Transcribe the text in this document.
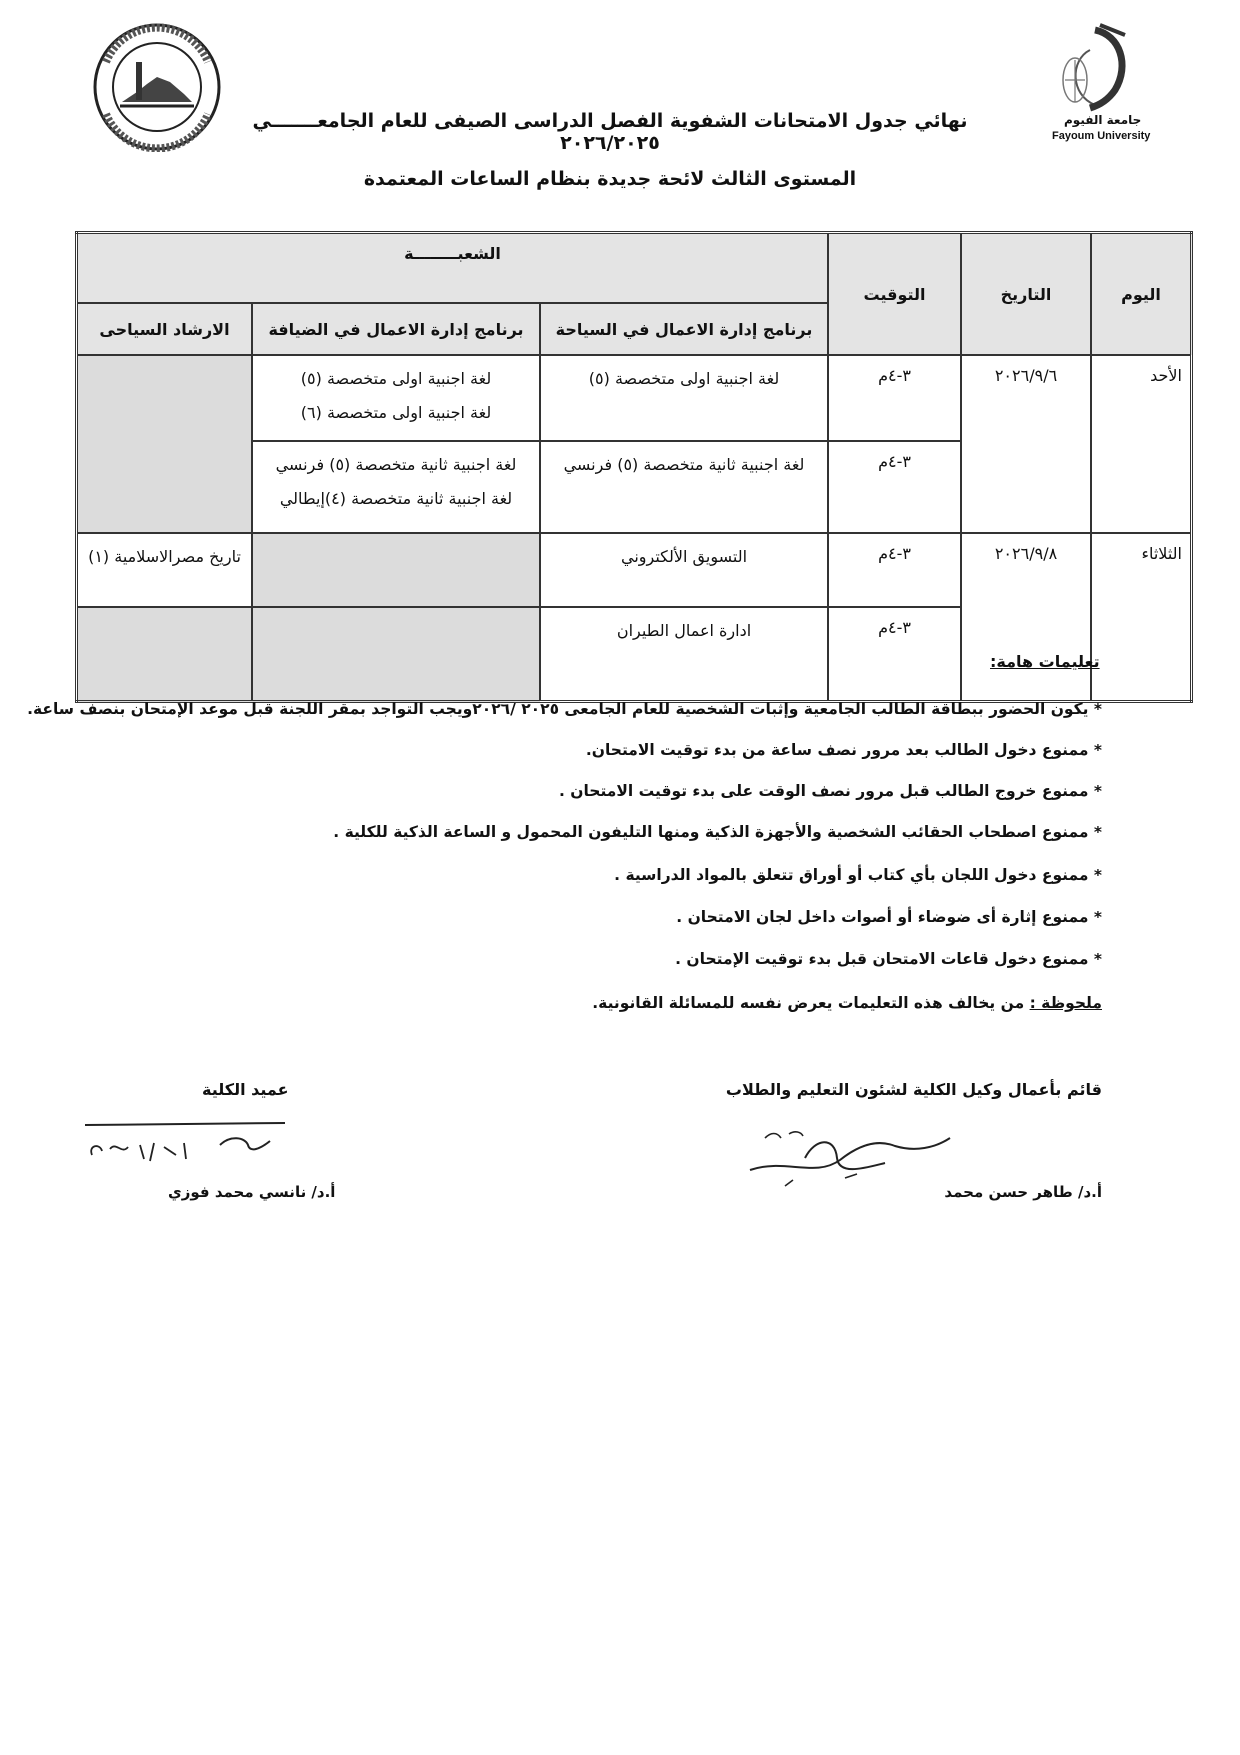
جامعة الفيوم
Fayoum University
نهائي جدول الامتحانات الشفوية الفصل الدراسى الصيفى للعام الجامعـــــــي ٢٠٢٦/٢٠٢٥
المستوى الثالث لائحة جديدة بنظام الساعات المعتمدة
اليوم	التاريخ	التوقيت	الشعبــــــــة		
			برنامج إدارة الاعمال في السياحة	برنامج إدارة الاعمال في الضيافة	الارشاد السياحى
الأحد	٢٠٢٦/٩/٦	٣-٤م	لغة اجنبية اولى متخصصة (٥)	لغة اجنبية اولى متخصصة (٥)
لغة اجنبية اولى متخصصة (٦)	

		٣-٤م	لغة اجنبية ثانية متخصصة (٥) فرنسي	لغة اجنبية ثانية متخصصة (٥) فرنسي
لغة اجنبية ثانية متخصصة (٤)إيطالي	

الثلاثاء	٢٠٢٦/٩/٨	٣-٤م	التسويق الألكتروني		تاريخ مصرالاسلامية (١)
		٣-٤م	ادارة اعمال الطيران		
تعليمات هامة:
* يكون الحضور ببطاقة الطالب الجامعية وإثبات الشخصية للعام الجامعى ٢٠٢٥ /٢٠٢٦ويجب التواجد بمقر اللجنة قبل موعد الإمتحان بنصف ساعة.
* ممنوع دخول الطالب بعد مرور نصف ساعة من بدء توقيت الامتحان.
* ممنوع خروج الطالب قبل مرور نصف الوقت على بدء توقيت الامتحان .
* ممنوع اصطحاب الحقائب الشخصية والأجهزة الذكية ومنها التليفون المحمول و الساعة الذكية للكلية .
* ممنوع دخول اللجان بأي كتاب أو أوراق تتعلق بالمواد الدراسية .
* ممنوع إثارة أى ضوضاء أو أصوات داخل لجان الامتحان .
* ممنوع دخول قاعات الامتحان قبل بدء توقيت الإمتحان .
ملحوظة : من يخالف هذه التعليمات يعرض نفسه للمسائلة القانونية.
قائم بأعمال وكيل الكلية لشئون التعليم والطلاب
أ.د/ طاهر حسن محمد
عميد الكلية
أ.د/ نانسي محمد فوزي
